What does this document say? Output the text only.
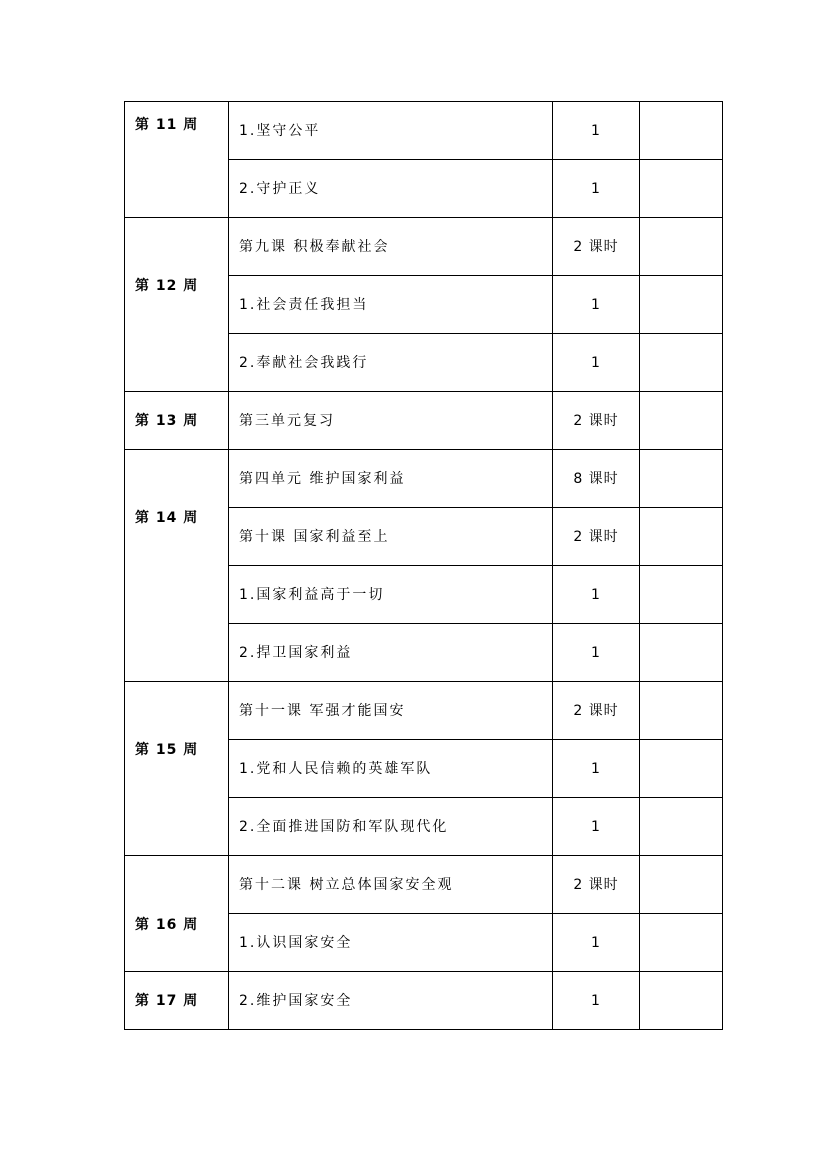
第 11 周	1.坚守公平	1	
	2.守护正义	1	
第 12 周	第九课 积极奉献社会	2 课时	
	1.社会责任我担当	1	
	2.奉献社会我践行	1	
第 13 周	第三单元复习	2 课时	
第 14 周	第四单元 维护国家利益	8 课时	
	第十课 国家利益至上	2 课时	
	1.国家利益高于一切	1	
	2.捍卫国家利益	1	
第 15 周	第十一课 军强才能国安	2 课时	
	1.党和人民信赖的英雄军队	1	
	2.全面推进国防和军队现代化	1	
第 16 周	第十二课 树立总体国家安全观	2 课时	
	1.认识国家安全	1	
第 17 周	2.维护国家安全	1	
